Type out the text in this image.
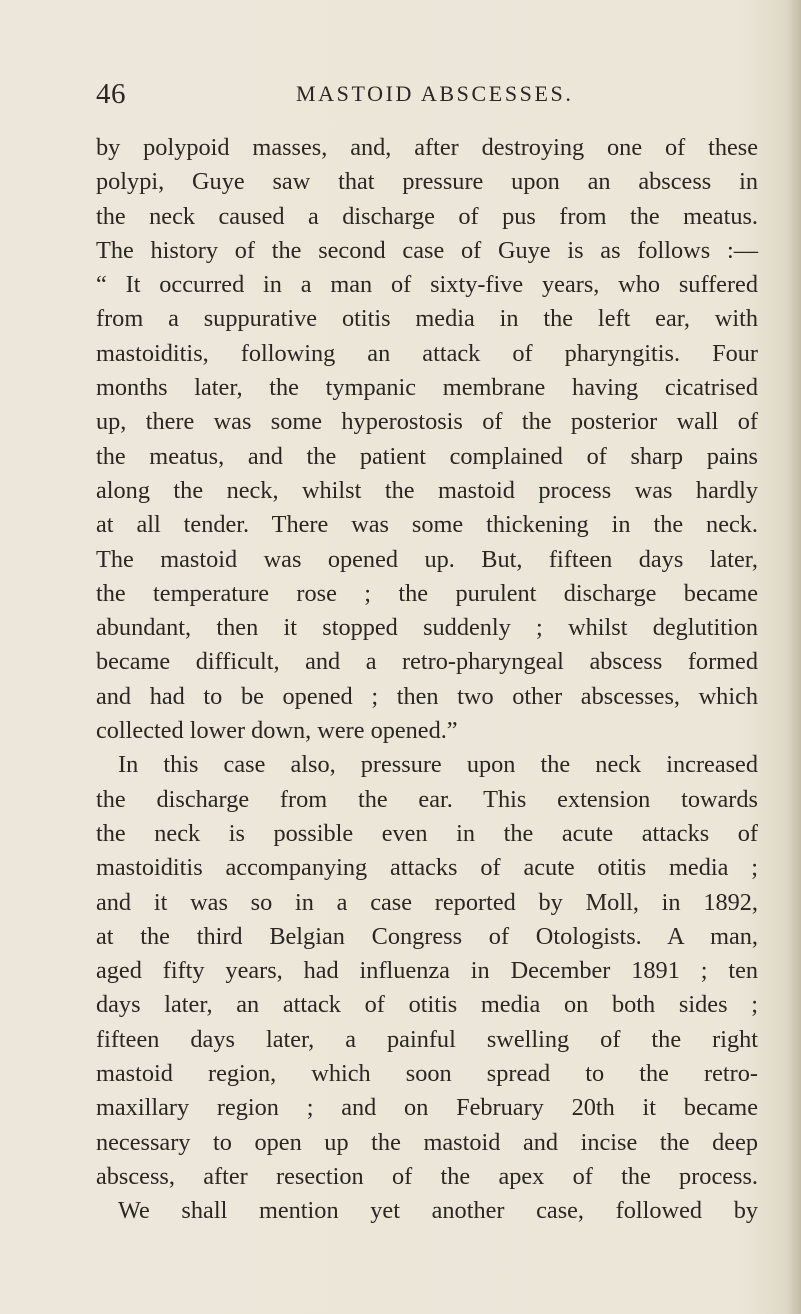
46	MASTOID ABSCESSES.
by polypoid masses, and, after destroying one of these
polypi, Guye saw that pressure upon an abscess in
the neck caused a discharge of pus from the meatus.
The history of the second case of Guye is as follows :—
“ It occurred in a man of sixty-five years, who suffered
from a suppurative otitis media in the left ear, with
mastoiditis, following an attack of pharyngitis. Four
months later, the tympanic membrane having cicatrised
up, there was some hyperostosis of the posterior wall of
the meatus, and the patient complained of sharp pains
along the neck, whilst the mastoid process was hardly
at all tender. There was some thickening in the neck.
The mastoid was opened up. But, fifteen days later,
the temperature rose ; the purulent discharge became
abundant, then it stopped suddenly ; whilst deglutition
became difficult, and a retro-pharyngeal abscess formed
and had to be opened ; then two other abscesses, which
collected lower down, were opened.”
In this case also, pressure upon the neck increased
the discharge from the ear. This extension towards
the neck is possible even in the acute attacks of
mastoiditis accompanying attacks of acute otitis media ;
and it was so in a case reported by Moll, in 1892,
at the third Belgian Congress of Otologists. A man,
aged fifty years, had influenza in December 1891 ; ten
days later, an attack of otitis media on both sides ;
fifteen days later, a painful swelling of the right
mastoid region, which soon spread to the retro-
maxillary region ; and on February 20th it became
necessary to open up the mastoid and incise the deep
abscess, after resection of the apex of the process.
We shall mention yet another case, followed by
